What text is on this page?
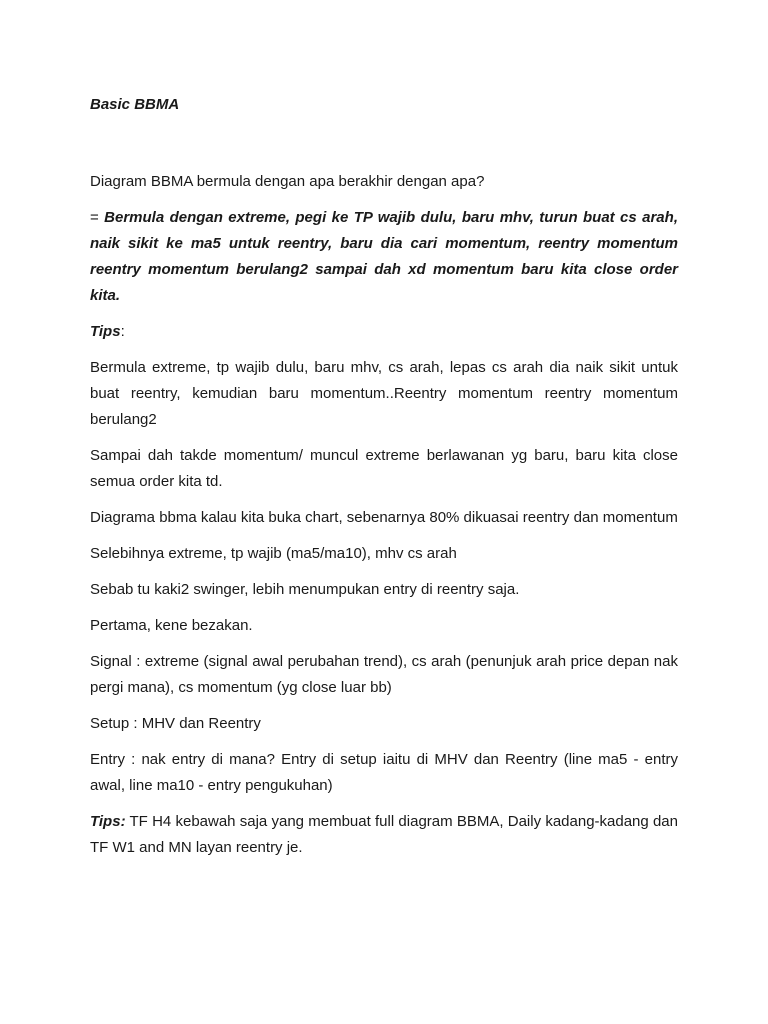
Basic BBMA

Diagram BBMA bermula dengan apa berakhir dengan apa?

= Bermula dengan extreme, pegi ke TP wajib dulu, baru mhv, turun buat cs arah, naik sikit ke ma5 untuk reentry, baru dia cari momentum, reentry momentum reentry momentum berulang2 sampai dah xd momentum baru kita close order kita.

Tips:

Bermula extreme, tp wajib dulu, baru mhv, cs arah, lepas cs arah dia naik sikit untuk buat reentry, kemudian baru momentum..Reentry momentum reentry momentum berulang2

Sampai dah takde momentum/ muncul extreme berlawanan yg baru, baru kita close semua order kita td.

Diagrama bbma kalau kita buka chart, sebenarnya 80% dikuasai reentry dan momentum

Selebihnya extreme, tp wajib (ma5/ma10), mhv cs arah

Sebab tu kaki2 swinger, lebih menumpukan entry di reentry saja.

Pertama, kene bezakan.

Signal : extreme (signal awal perubahan trend), cs arah (penunjuk arah price depan nak pergi mana), cs momentum (yg close luar bb)

Setup : MHV dan Reentry

Entry : nak entry di mana? Entry di setup iaitu di MHV dan Reentry (line ma5 - entry awal, line ma10 - entry pengukuhan)

Tips: TF H4 kebawah saja yang membuat full diagram BBMA, Daily kadang-kadang dan TF W1 and MN layan reentry je.
